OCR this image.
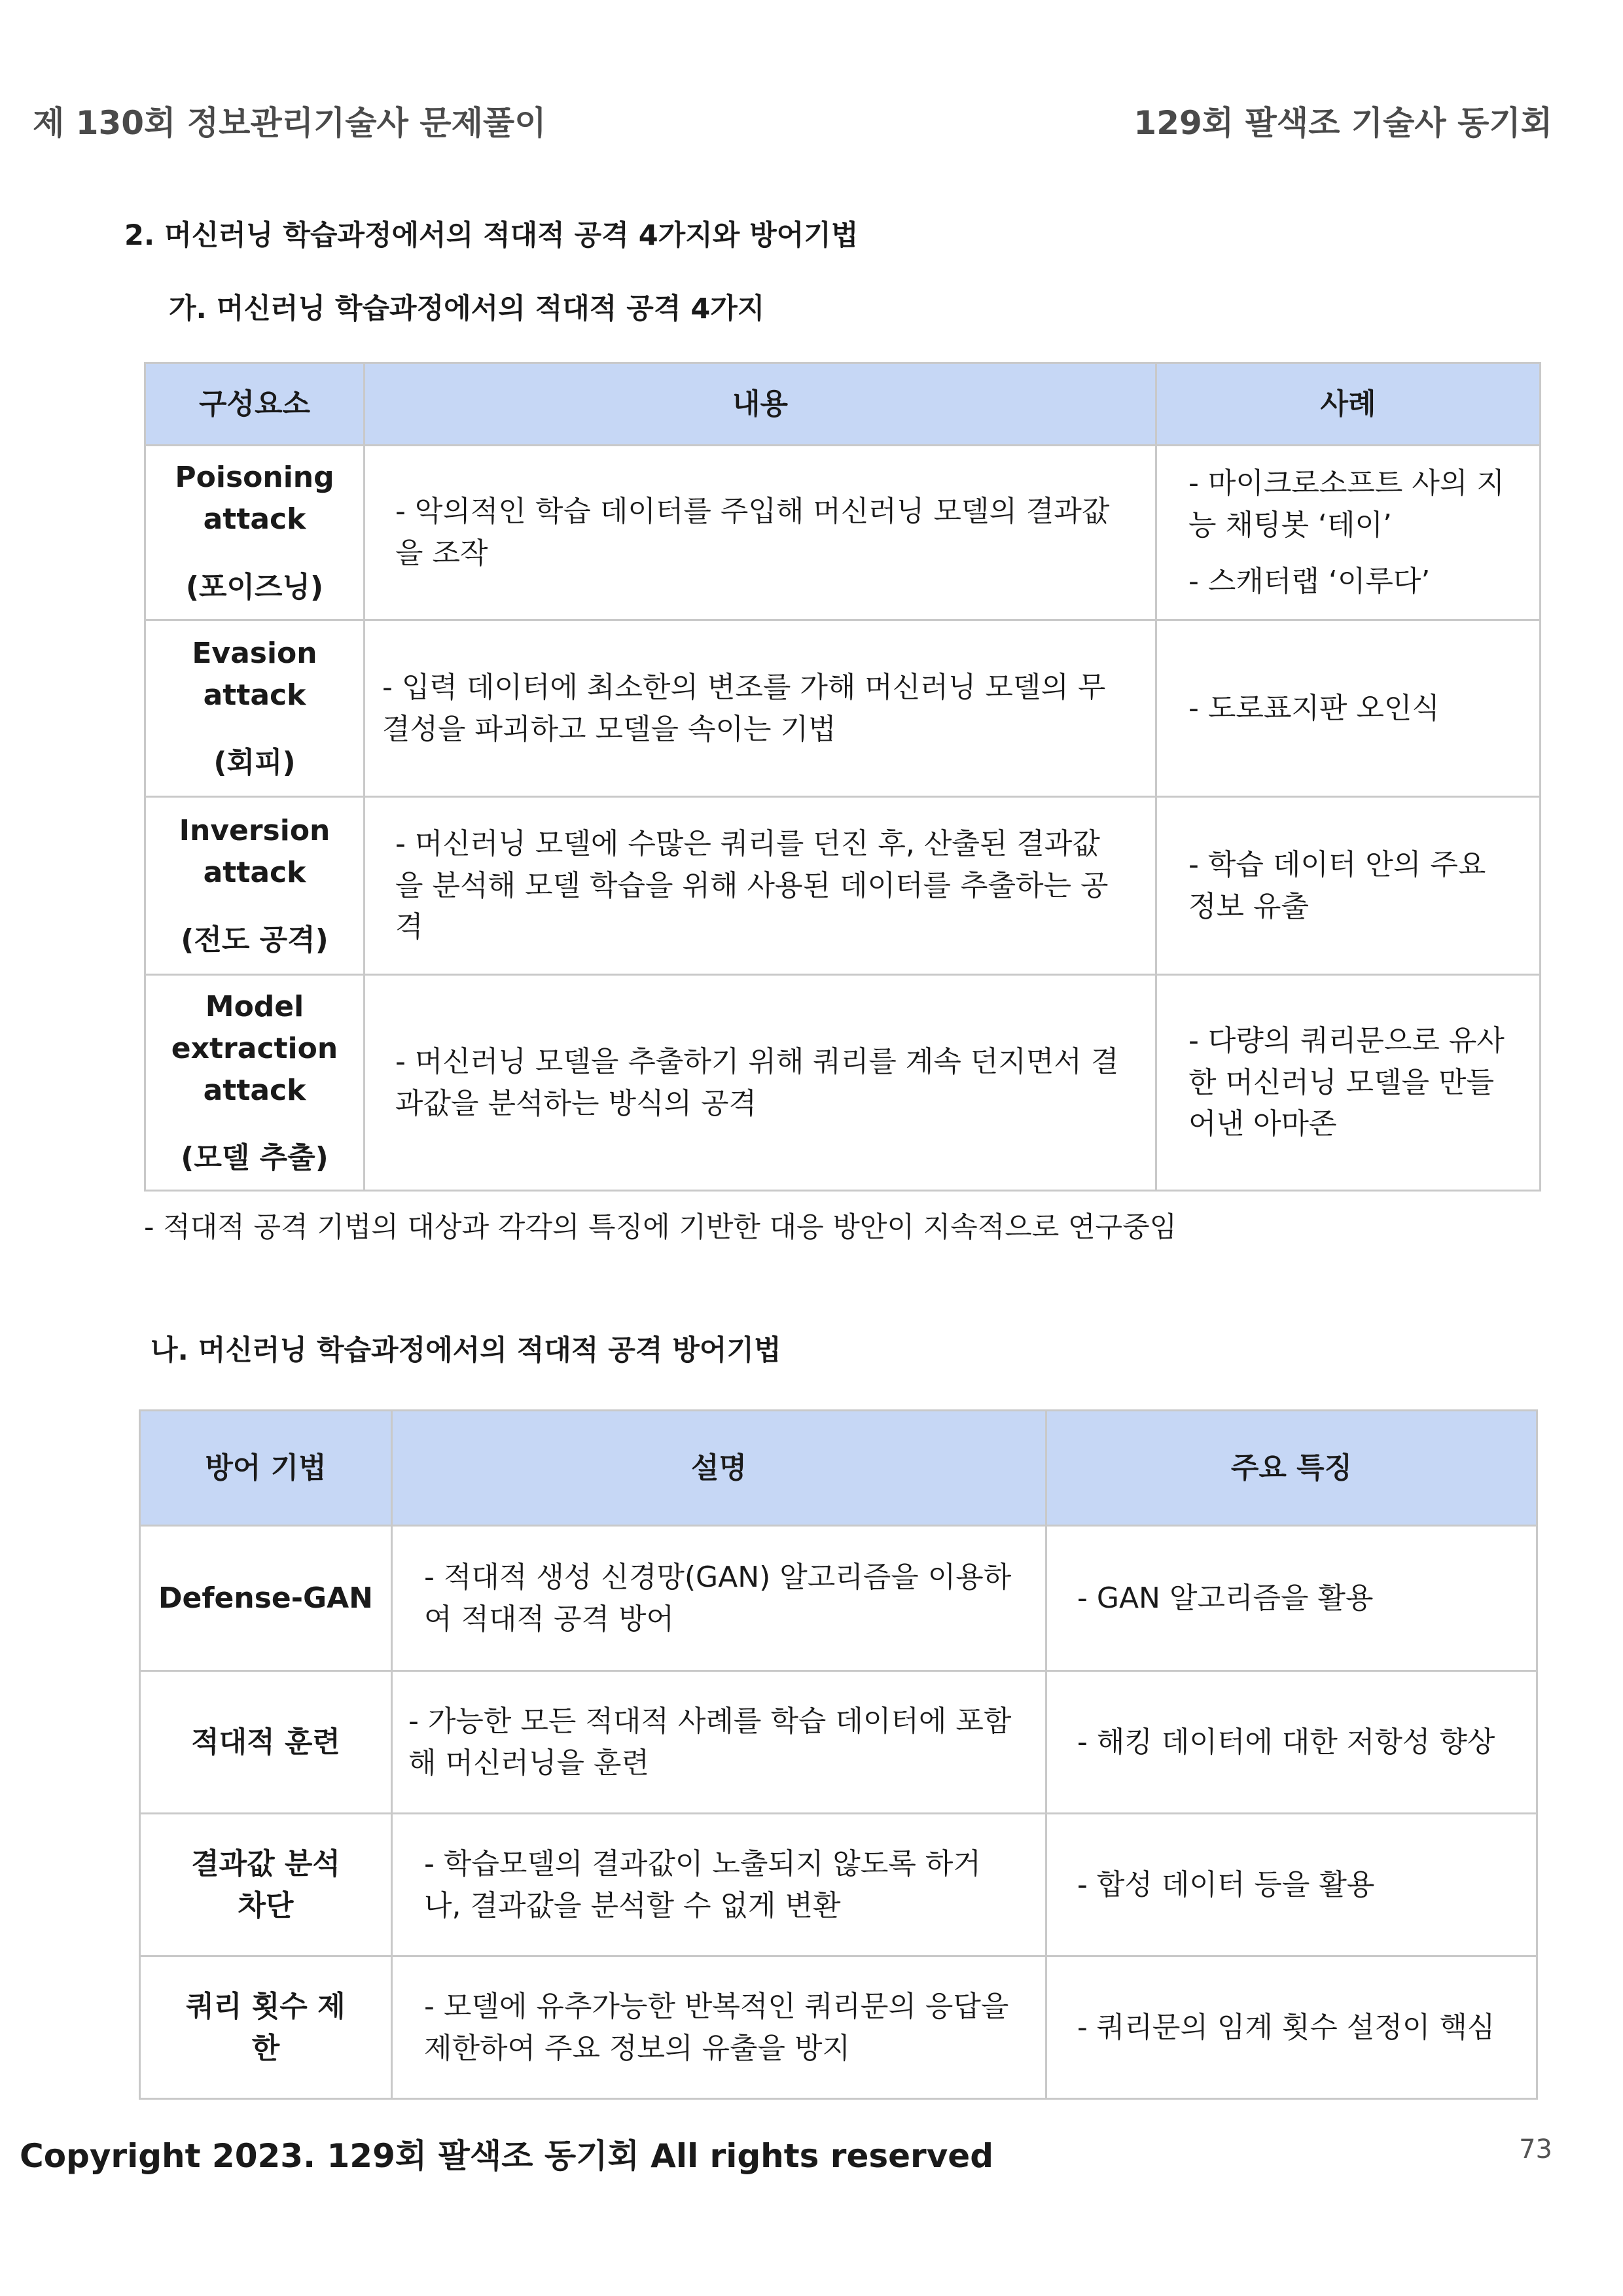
제 130회 정보관리기술사 문제풀이	129회 팔색조 기술사 동기회
2. 머신러닝 학습과정에서의 적대적 공격 4가지와 방어기법
가. 머신러닝 학습과정에서의 적대적 공격 4가지
구성요소	내용	사례

Poisoning
attack
(포이즈닝)	- 악의적인 학습 데이터를 주입해 머신러닝 모델의 결과값을 조작	- 마이크로소프트 사의 지능 채팅봇 ‘테이’
- 스캐터랩 ‘이루다’

Evasion
attack
(회피)	- 입력 데이터에 최소한의 변조를 가해 머신러닝 모델의 무결성을 파괴하고 모델을 속이는 기법	- 도로표지판 오인식

Inversion
attack
(전도 공격)	- 머신러닝 모델에 수많은 쿼리를 던진 후, 산출된 결과값을 분석해 모델 학습을 위해 사용된 데이터를 추출하는 공격	- 학습 데이터 안의 주요정보 유출

Model
extraction
attack
(모델 추출)	- 머신러닝 모델을 추출하기 위해 쿼리를 계속 던지면서 결과값을 분석하는 방식의 공격	- 다량의 쿼리문으로 유사한 머신러닝 모델을 만들어낸 아마존
- 적대적 공격 기법의 대상과 각각의 특징에 기반한 대응 방안이 지속적으로 연구중임
나. 머신러닝 학습과정에서의 적대적 공격 방어기법
방어 기법	설명	주요 특징
Defense-GAN	- 적대적 생성 신경망(GAN) 알고리즘을 이용하여 적대적 공격 방어	- GAN 알고리즘을 활용
적대적 훈련	- 가능한 모든 적대적 사례를 학습 데이터에 포함해 머신러닝을 훈련	- 해킹 데이터에 대한 저항성 향상
결과값 분석 차단	- 학습모델의 결과값이 노출되지 않도록 하거나, 결과값을 분석할 수 없게 변환	- 합성 데이터 등을 활용
쿼리 횟수 제한	- 모델에 유추가능한 반복적인 쿼리문의 응답을 제한하여 주요 정보의 유출을 방지	- 쿼리문의 임계 횟수 설정이 핵심
Copyright 2023. 129회 팔색조 동기회 All rights reserved	73
